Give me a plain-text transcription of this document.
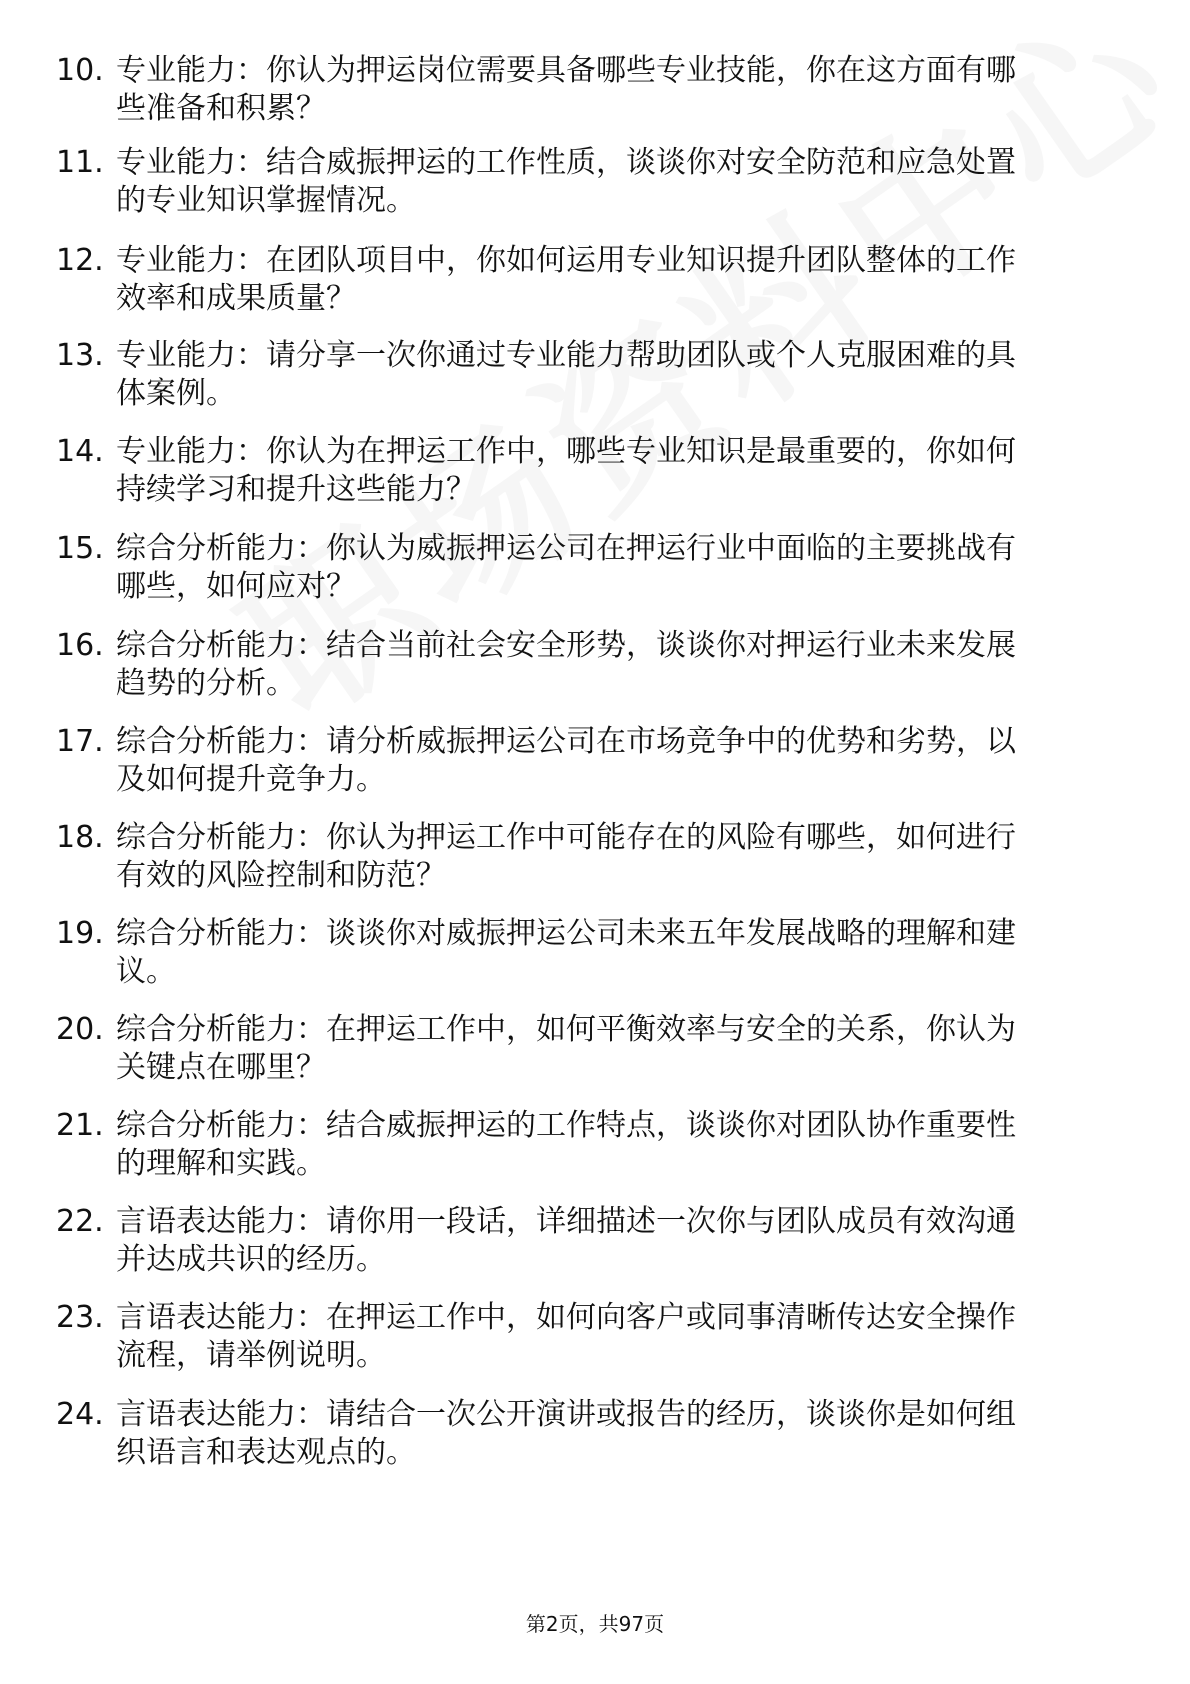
10. 专业能力：你认为押运岗位需要具备哪些专业技能，你在这方面有哪些准备和积累？
11. 专业能力：结合威振押运的工作性质，谈谈你对安全防范和应急处置的专业知识掌握情况。
12. 专业能力：在团队项目中，你如何运用专业知识提升团队整体的工作效率和成果质量？
13. 专业能力：请分享一次你通过专业能力帮助团队或个人克服困难的具体案例。
14. 专业能力：你认为在押运工作中，哪些专业知识是最重要的，你如何持续学习和提升这些能力？
15. 综合分析能力：你认为威振押运公司在押运行业中面临的主要挑战有哪些，如何应对？
16. 综合分析能力：结合当前社会安全形势，谈谈你对押运行业未来发展趋势的分析。
17. 综合分析能力：请分析威振押运公司在市场竞争中的优势和劣势，以及如何提升竞争力。
18. 综合分析能力：你认为押运工作中可能存在的风险有哪些，如何进行有效的风险控制和防范？
19. 综合分析能力：谈谈你对威振押运公司未来五年发展战略的理解和建议。
20. 综合分析能力：在押运工作中，如何平衡效率与安全的关系，你认为关键点在哪里？
21. 综合分析能力：结合威振押运的工作特点，谈谈你对团队协作重要性的理解和实践。
22. 言语表达能力：请你用一段话，详细描述一次你与团队成员有效沟通并达成共识的经历。
23. 言语表达能力：在押运工作中，如何向客户或同事清晰传达安全操作流程，请举例说明。
24. 言语表达能力：请结合一次公开演讲或报告的经历，谈谈你是如何组织语言和表达观点的。
第2页，共97页
